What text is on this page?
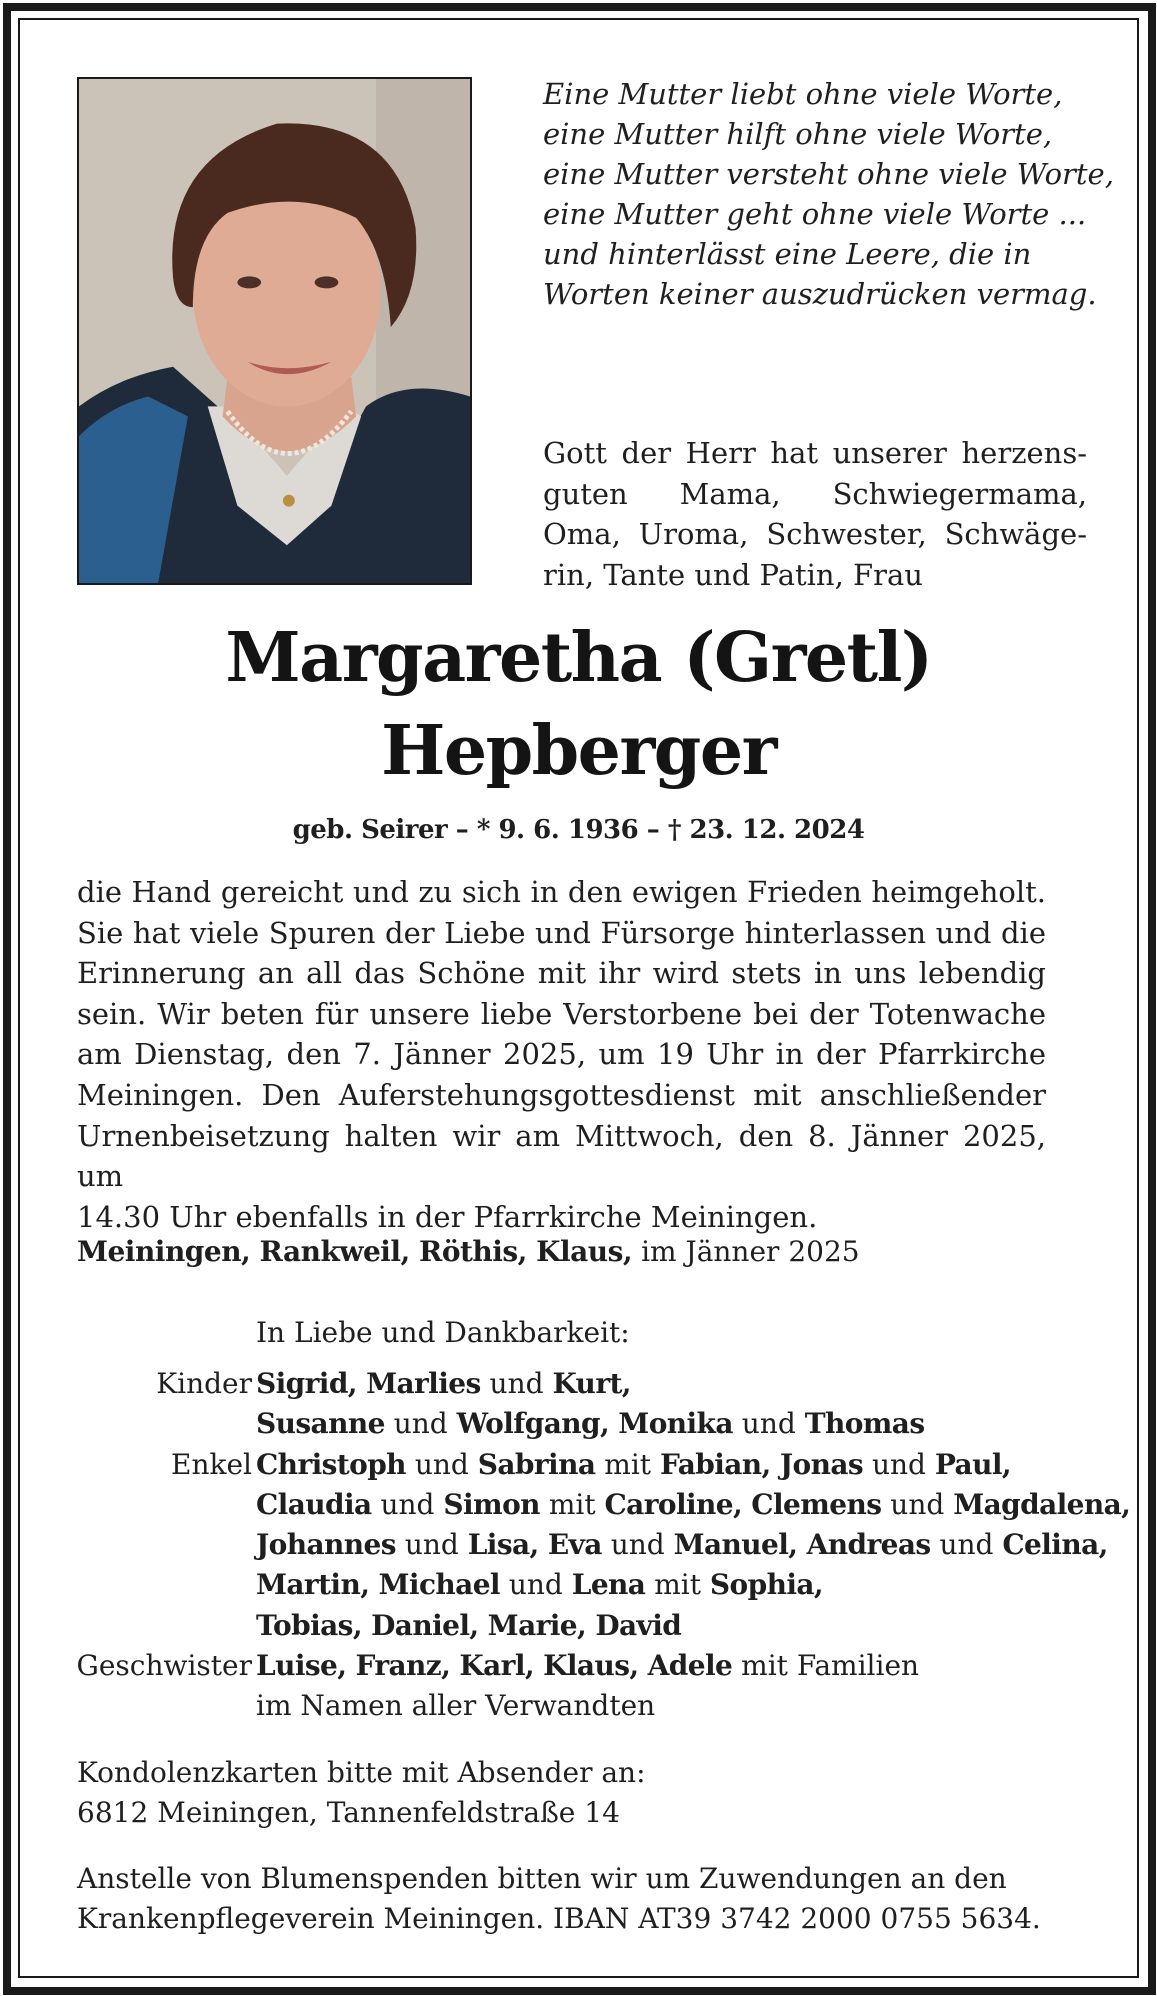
Eine Mutter liebt ohne viele Worte,
eine Mutter hilft ohne viele Worte,
eine Mutter versteht ohne viele Worte,
eine Mutter geht ohne viele Worte ...
und hinterlässt eine Leere, die in
Worten keiner auszudrücken vermag.
Gott der Herr hat unserer herzens-
guten Mama, Schwiegermama,
Oma, Uroma, Schwester, Schwäge-
rin, Tante und Patin, Frau
Margaretha (Gretl)
Hepberger
geb. Seirer – * 9. 6. 1936 – † 23. 12. 2024
die Hand gereicht und zu sich in den ewigen Frieden heimgeholt.
Sie hat viele Spuren der Liebe und Fürsorge hinterlassen und die
Erinnerung an all das Schöne mit ihr wird stets in uns lebendig
sein. Wir beten für unsere liebe Verstorbene bei der Totenwache
am Dienstag, den 7. Jänner 2025, um 19 Uhr in der Pfarrkirche
Meiningen. Den Auferstehungsgottesdienst mit anschließender
Urnenbeisetzung halten wir am Mittwoch, den 8. Jänner 2025, um
14.30 Uhr ebenfalls in der Pfarrkirche Meiningen.
Meiningen, Rankweil, Röthis, Klaus, im Jänner 2025
In Liebe und Dankbarkeit:
Kinder Sigrid, Marlies und Kurt,
Susanne und Wolfgang, Monika und Thomas
Enkel Christoph und Sabrina mit Fabian, Jonas und Paul,
Claudia und Simon mit Caroline, Clemens und Magdalena,
Johannes und Lisa, Eva und Manuel, Andreas und Celina,
Martin, Michael und Lena mit Sophia,
Tobias, Daniel, Marie, David
Geschwister Luise, Franz, Karl, Klaus, Adele mit Familien
im Namen aller Verwandten
Kondolenzkarten bitte mit Absender an:
6812 Meiningen, Tannenfeldstraße 14
Anstelle von Blumenspenden bitten wir um Zuwendungen an den
Krankenpflegeverein Meiningen. IBAN AT39 3742 2000 0755 5634.
